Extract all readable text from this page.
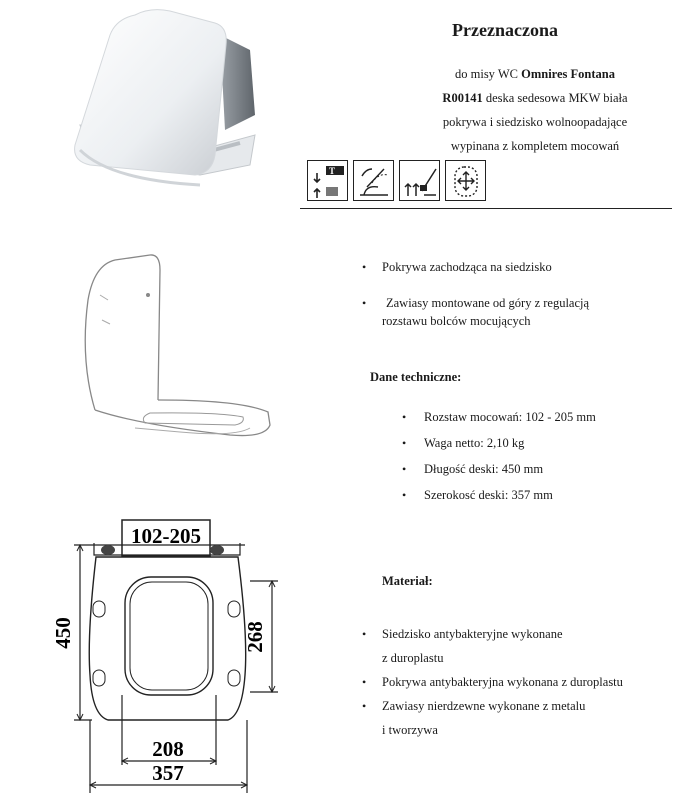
Przeznaczona
do misy WC Omnires Fontana
R00141 deska sedesowa MKW biała
pokrywa i siedzisko wolnoopadające
wypinana z kompletem mocowań
T
• Pokrywa zachodząca na siedzisko
• Zawiasy montowane od góry z regulacją
rozstawu bolców mocujących
Dane techniczne:
• Rozstaw mocowań: 102 - 205 mm
• Waga netto: 2,10 kg
• Długość deski: 450 mm
• Szerokosć deski: 357 mm
102-205
450	268
208
357
Materiał:
• Siedzisko antybakteryjne wykonane
z duroplastu
• Pokrywa antybakteryjna wykonana z duroplastu
• Zawiasy nierdzewne wykonane z metalu
i tworzywa
